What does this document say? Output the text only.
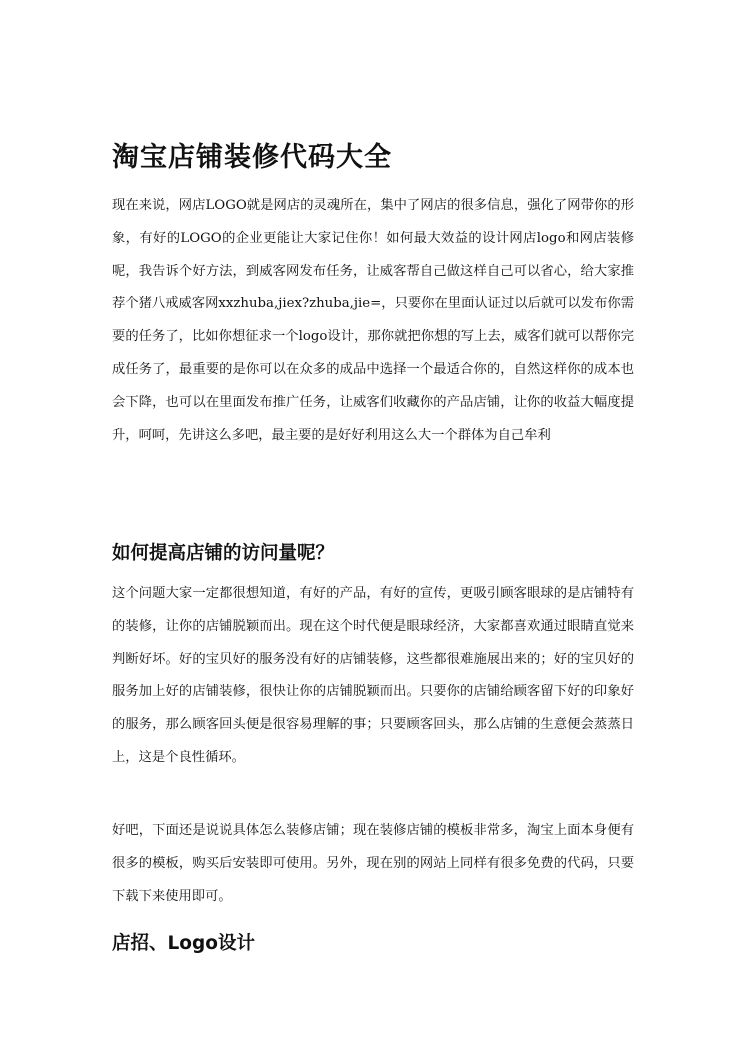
淘宝店铺装修代码大全

现在来说，网店LOGO就是网店的灵魂所在，集中了网店的很多信息，强化了网带你的形象，有好的LOGO的企业更能让大家记住你！如何最大效益的设计网店logo和网店装修呢，我告诉个好方法，到威客网发布任务，让威客帮自己做这样自己可以省心，给大家推荐个猪八戒威客网xxzhuba,jiex?zhuba,jie=，只要你在里面认证过以后就可以发布你需要的任务了，比如你想征求一个logo设计，那你就把你想的写上去，威客们就可以帮你完成任务了，最重要的是你可以在众多的成品中选择一个最适合你的，自然这样你的成本也会下降，也可以在里面发布推广任务，让威客们收藏你的产品店铺，让你的收益大幅度提升，呵呵，先讲这么多吧，最主要的是好好利用这么大一个群体为自己牟利

如何提高店铺的访问量呢？

这个问题大家一定都很想知道，有好的产品，有好的宣传，更吸引顾客眼球的是店铺特有的装修，让你的店铺脱颖而出。现在这个时代便是眼球经济，大家都喜欢通过眼睛直觉来判断好坏。好的宝贝好的服务没有好的店铺装修，这些都很难施展出来的；好的宝贝好的服务加上好的店铺装修，很快让你的店铺脱颖而出。只要你的店铺给顾客留下好的印象好的服务，那么顾客回头便是很容易理解的事；只要顾客回头，那么店铺的生意便会蒸蒸日上，这是个良性循环。

好吧，下面还是说说具体怎么装修店铺；现在装修店铺的模板非常多，淘宝上面本身便有很多的模板，购买后安装即可使用。另外，现在别的网站上同样有很多免费的代码，只要下载下来使用即可。

店招、Logo设计
